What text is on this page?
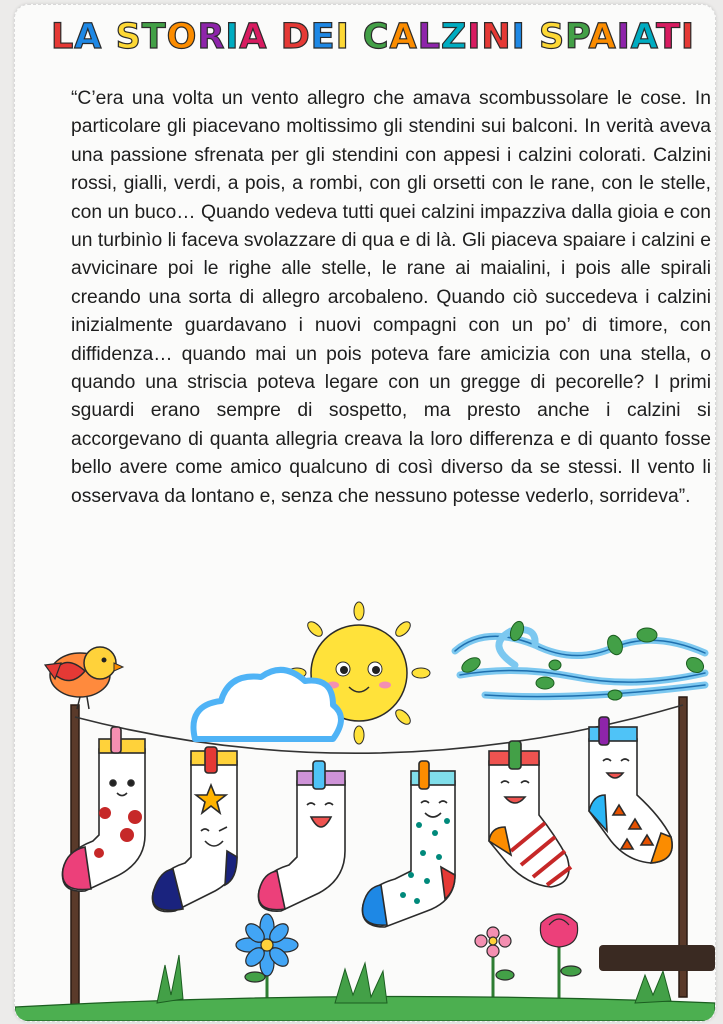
LA STORIA DEI CALZINI SPAIATI

“C’era una volta un vento allegro che amava scombussolare le cose. In particolare gli piacevano moltissimo gli stendini sui balconi. In verità aveva una passione sfrenata per gli stendini con appesi i calzini colorati. Calzini rossi, gialli, verdi, a pois, a rombi, con gli orsetti con le rane, con le stelle, con un buco… Quando vedeva tutti quei calzini impazziva dalla gioia e con un turbinìo li faceva svolazzare di qua e di là. Gli piaceva spaiare i calzini e avvicinare poi le righe alle stelle, le rane ai maialini, i pois alle spirali creando una sorta di allegro arcobaleno. Quando ciò succedeva i calzini inizialmente guardavano i nuovi compagni con un po’ di timore, con diffidenza… quando mai un pois poteva fare amicizia con una stella, o quando una striscia poteva legare con un gregge di pecorelle? I primi sguardi erano sempre di sospetto, ma presto anche i calzini si accorgevano di quanta allegria creava la loro differenza e di quanto fosse bello avere come amico qualcuno di così diverso da se stessi. Il vento li osservava da lontano e, senza che nessuno potesse vederlo, sorrideva”.
